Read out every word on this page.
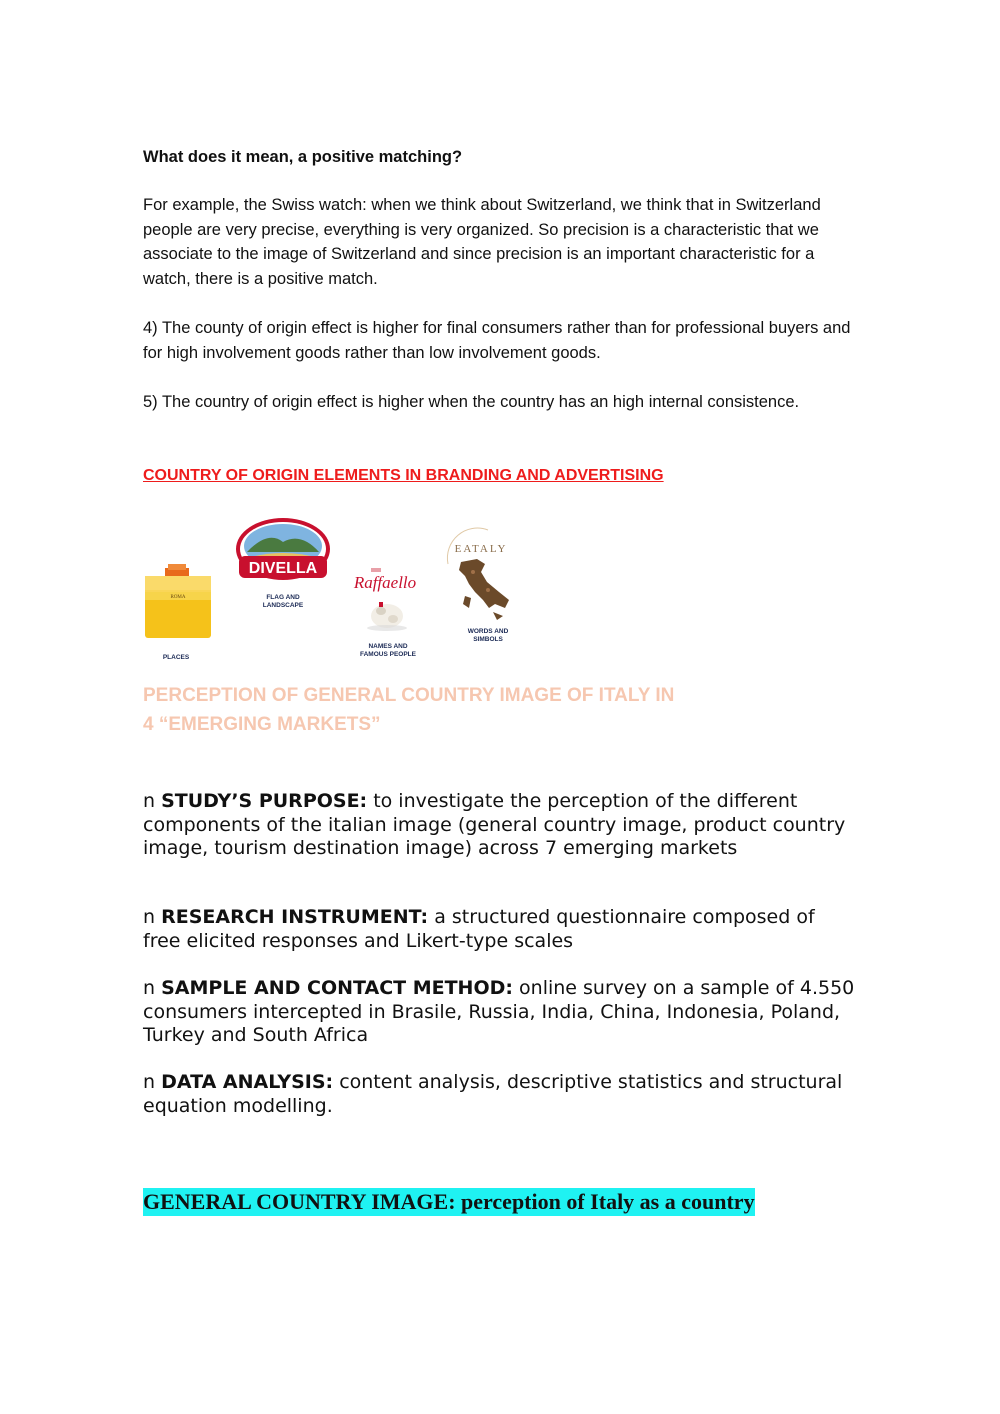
What does it mean, a positive matching?

For example, the Swiss watch: when we think about Switzerland, we think that in Switzerland people are very precise, everything is very organized. So precision is a characteristic that we associate to the image of Switzerland and since precision is an important characteristic for a watch, there is a positive match.

4) The county of origin effect is higher for final consumers rather than for professional buyers and for high involvement goods rather than low involvement goods.

5) The country of origin effect is higher when the country has an high internal consistence.

COUNTRY OF ORIGIN ELEMENTS IN BRANDING AND ADVERTISING

ROMA
DIVELLA
Raffaello
EATALY
PLACES
FLAG AND
LANDSCAPE
NAMES AND
FAMOUS PEOPLE
WORDS AND
SIMBOLS
PERCEPTION OF GENERAL COUNTRY IMAGE OF ITALY IN
4 “EMERGING MARKETS”

n STUDY’S PURPOSE: to investigate the perception of the different components of the italian image (general country image, product country image, tourism destination image) across 7 emerging markets

n RESEARCH INSTRUMENT: a structured questionnaire composed of free elicited responses and Likert-type scales

n SAMPLE AND CONTACT METHOD: online survey on a sample of 4.550 consumers intercepted in Brasile, Russia, India, China, Indonesia, Poland, Turkey and South Africa

n DATA ANALYSIS: content analysis, descriptive statistics and structural equation modelling.

GENERAL COUNTRY IMAGE: perception of Italy as a country
